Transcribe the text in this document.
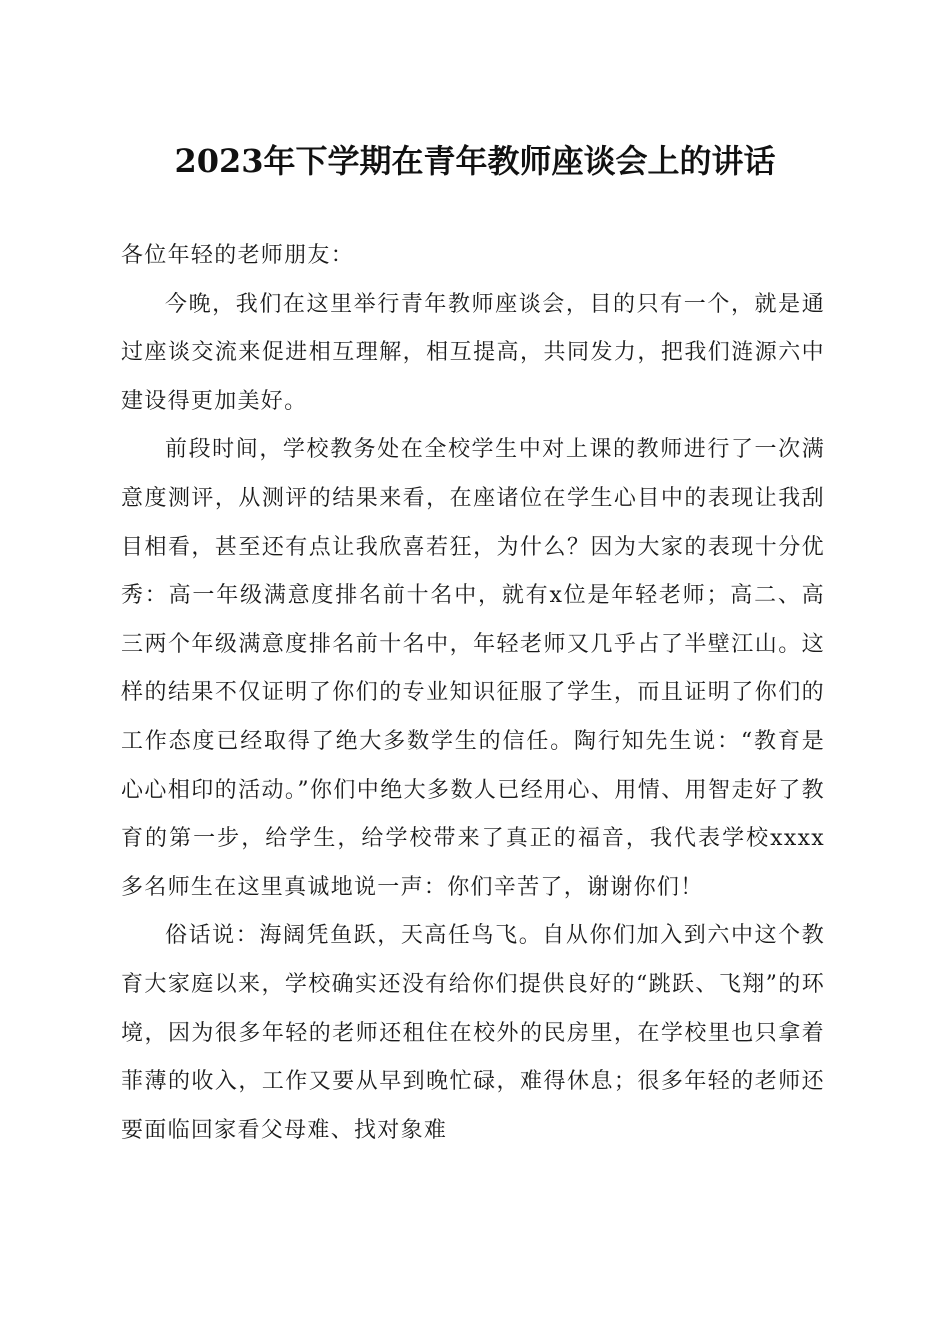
2023年下学期在青年教师座谈会上的讲话

各位年轻的老师朋友：

今晚，我们在这里举行青年教师座谈会，目的只有一个，就是通过座谈交流来促进相互理解，相互提高，共同发力，把我们涟源六中建设得更加美好。

前段时间，学校教务处在全校学生中对上课的教师进行了一次满意度测评，从测评的结果来看，在座诸位在学生心目中的表现让我刮目相看，甚至还有点让我欣喜若狂，为什么？因为大家的表现十分优秀：高一年级满意度排名前十名中，就有x位是年轻老师；高二、高三两个年级满意度排名前十名中，年轻老师又几乎占了半壁江山。这样的结果不仅证明了你们的专业知识征服了学生，而且证明了你们的工作态度已经取得了绝大多数学生的信任。陶行知先生说：“教育是心心相印的活动。”你们中绝大多数人已经用心、用情、用智走好了教育的第一步，给学生，给学校带来了真正的福音，我代表学校xxxx多名师生在这里真诚地说一声：你们辛苦了，谢谢你们！

俗话说：海阔凭鱼跃，天高任鸟飞。自从你们加入到六中这个教育大家庭以来，学校确实还没有给你们提供良好的“跳跃、飞翔”的环境，因为很多年轻的老师还租住在校外的民房里，在学校里也只拿着菲薄的收入，工作又要从早到晚忙碌，难得休息；很多年轻的老师还要面临回家看父母难、找对象难
